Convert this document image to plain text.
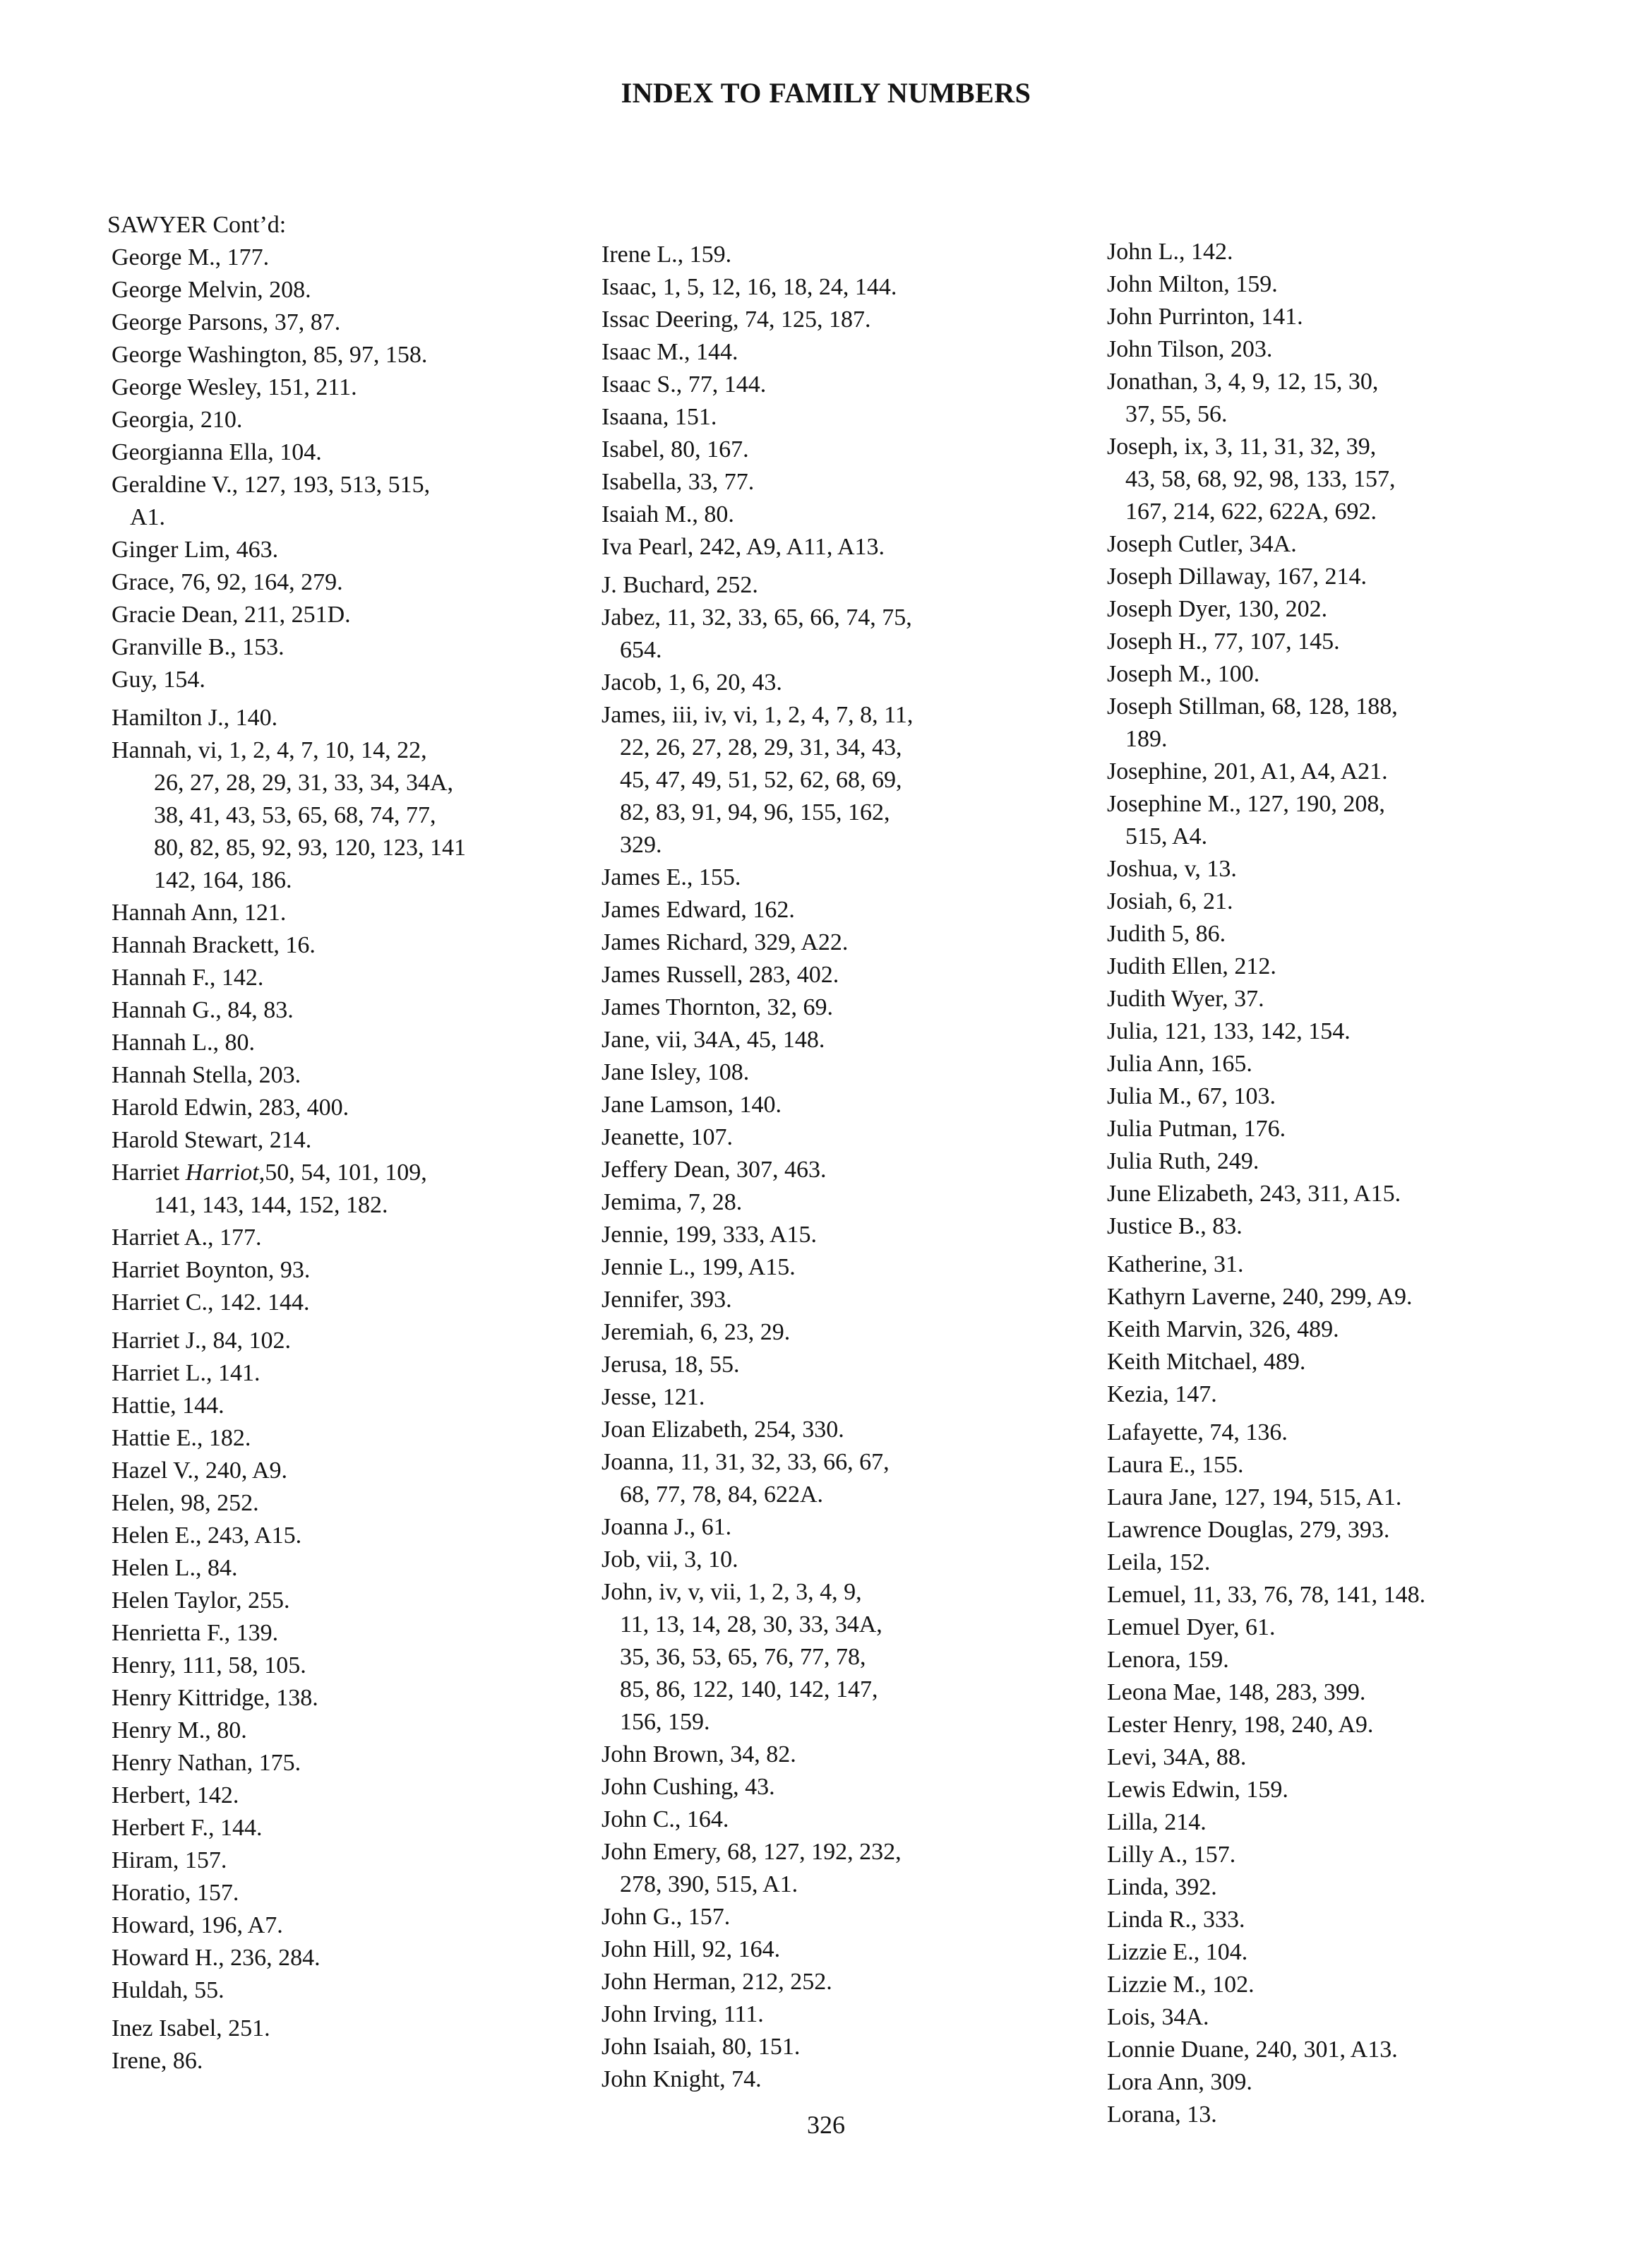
INDEX TO FAMILY NUMBERS
SAWYER Cont’d:
George M., 177.
George Melvin, 208.
George Parsons, 37, 87.
George Washington, 85, 97, 158.
George Wesley, 151, 211.
Georgia, 210.
Georgianna Ella, 104.
Geraldine V., 127, 193, 513, 515,
A1.
Ginger Lim, 463.
Grace, 76, 92, 164, 279.
Gracie Dean, 211, 251D.
Granville B., 153.
Guy, 154.
Hamilton J., 140.
Hannah, vi, 1, 2, 4, 7, 10, 14, 22,
26, 27, 28, 29, 31, 33, 34, 34A,
38, 41, 43, 53, 65, 68, 74, 77,
80, 82, 85, 92, 93, 120, 123, 141
142, 164, 186.
Hannah Ann, 121.
Hannah Brackett, 16.
Hannah F., 142.
Hannah G., 84, 83.
Hannah L., 80.
Hannah Stella, 203.
Harold Edwin, 283, 400.
Harold Stewart, 214.
Harriet Harriot,50, 54, 101, 109,
141, 143, 144, 152, 182.
Harriet A., 177.
Harriet Boynton, 93.
Harriet C., 142. 144.
Harriet J., 84, 102.
Harriet L., 141.
Hattie, 144.
Hattie E., 182.
Hazel V., 240, A9.
Helen, 98, 252.
Helen E., 243, A15.
Helen L., 84.
Helen Taylor, 255.
Henrietta F., 139.
Henry, 111, 58, 105.
Henry Kittridge, 138.
Henry M., 80.
Henry Nathan, 175.
Herbert, 142.
Herbert F., 144.
Hiram, 157.
Horatio, 157.
Howard, 196, A7.
Howard H., 236, 284.
Huldah, 55.
Inez Isabel, 251.
Irene, 86.
Irene L., 159.
Isaac, 1, 5, 12, 16, 18, 24, 144.
Issac Deering, 74, 125, 187.
Isaac M., 144.
Isaac S., 77, 144.
Isaana, 151.
Isabel, 80, 167.
Isabella, 33, 77.
Isaiah M., 80.
Iva Pearl, 242, A9, A11, A13.
J. Buchard, 252.
Jabez, 11, 32, 33, 65, 66, 74, 75,
654.
Jacob, 1, 6, 20, 43.
James, iii, iv, vi, 1, 2, 4, 7, 8, 11,
22, 26, 27, 28, 29, 31, 34, 43,
45, 47, 49, 51, 52, 62, 68, 69,
82, 83, 91, 94, 96, 155, 162,
329.
James E., 155.
James Edward, 162.
James Richard, 329, A22.
James Russell, 283, 402.
James Thornton, 32, 69.
Jane, vii, 34A, 45, 148.
Jane Isley, 108.
Jane Lamson, 140.
Jeanette, 107.
Jeffery Dean, 307, 463.
Jemima, 7, 28.
Jennie, 199, 333, A15.
Jennie L., 199, A15.
Jennifer, 393.
Jeremiah, 6, 23, 29.
Jerusa, 18, 55.
Jesse, 121.
Joan Elizabeth, 254, 330.
Joanna, 11, 31, 32, 33, 66, 67,
68, 77, 78, 84, 622A.
Joanna J., 61.
Job, vii, 3, 10.
John, iv, v, vii, 1, 2, 3, 4, 9,
11, 13, 14, 28, 30, 33, 34A,
35, 36, 53, 65, 76, 77, 78,
85, 86, 122, 140, 142, 147,
156, 159.
John Brown, 34, 82.
John Cushing, 43.
John C., 164.
John Emery, 68, 127, 192, 232,
278, 390, 515, A1.
John G., 157.
John Hill, 92, 164.
John Herman, 212, 252.
John Irving, 111.
John Isaiah, 80, 151.
John Knight, 74.
John L., 142.
John Milton, 159.
John Purrinton, 141.
John Tilson, 203.
Jonathan, 3, 4, 9, 12, 15, 30,
37, 55, 56.
Joseph, ix, 3, 11, 31, 32, 39,
43, 58, 68, 92, 98, 133, 157,
167, 214, 622, 622A, 692.
Joseph Cutler, 34A.
Joseph Dillaway, 167, 214.
Joseph Dyer, 130, 202.
Joseph H., 77, 107, 145.
Joseph M., 100.
Joseph Stillman, 68, 128, 188,
189.
Josephine, 201, A1, A4, A21.
Josephine M., 127, 190, 208,
515, A4.
Joshua, v, 13.
Josiah, 6, 21.
Judith 5, 86.
Judith Ellen, 212.
Judith Wyer, 37.
Julia, 121, 133, 142, 154.
Julia Ann, 165.
Julia M., 67, 103.
Julia Putman, 176.
Julia Ruth, 249.
June Elizabeth, 243, 311, A15.
Justice B., 83.
Katherine, 31.
Kathyrn Laverne, 240, 299, A9.
Keith Marvin, 326, 489.
Keith Mitchael, 489.
Kezia, 147.
Lafayette, 74, 136.
Laura E., 155.
Laura Jane, 127, 194, 515, A1.
Lawrence Douglas, 279, 393.
Leila, 152.
Lemuel, 11, 33, 76, 78, 141, 148.
Lemuel Dyer, 61.
Lenora, 159.
Leona Mae, 148, 283, 399.
Lester Henry, 198, 240, A9.
Levi, 34A, 88.
Lewis Edwin, 159.
Lilla, 214.
Lilly A., 157.
Linda, 392.
Linda R., 333.
Lizzie E., 104.
Lizzie M., 102.
Lois, 34A.
Lonnie Duane, 240, 301, A13.
Lora Ann, 309.
Lorana, 13.
326
